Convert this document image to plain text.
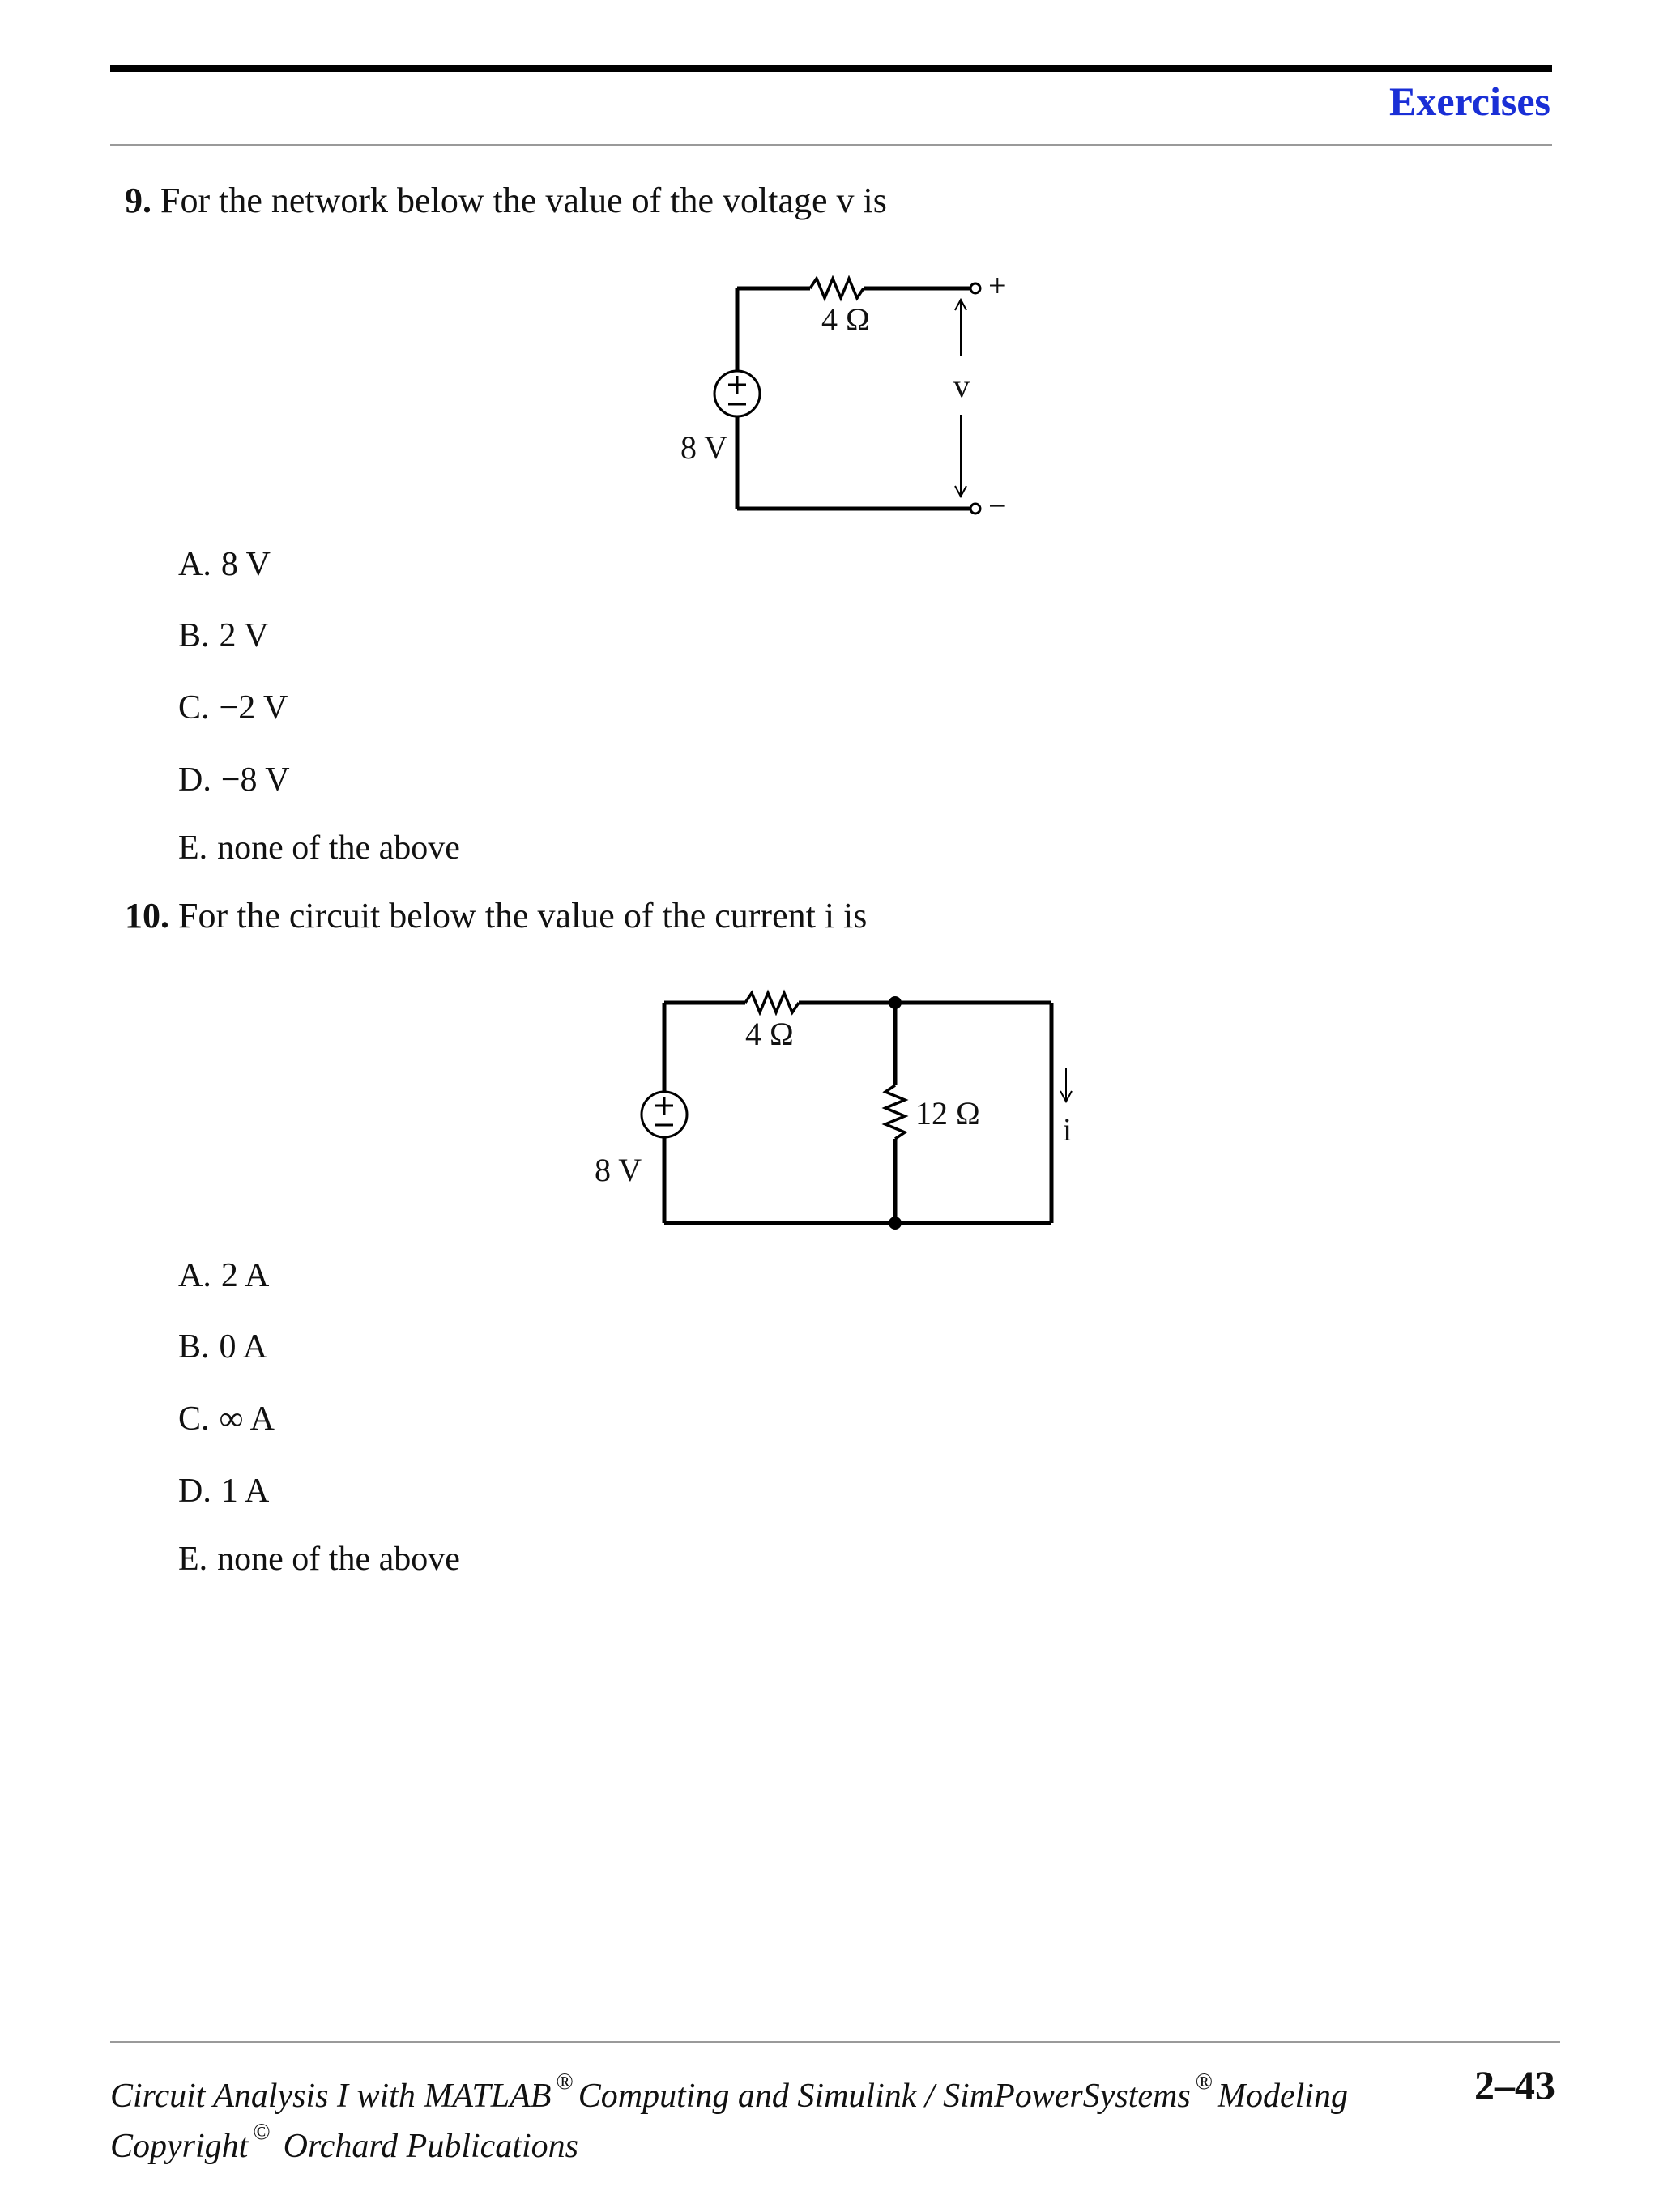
Exercises
9. For the network below the value of the voltage v is
4 Ω
+
−
v
8 V
A. 8 V
B. 2 V
C. −2 V
D. −8 V
E. none of the above
10. For the circuit below the value of the current i is
4 Ω
12 Ω	i
8 V
A. 2 A
B. 0 A
C. ∞ A
D. 1 A
E. none of the above
Circuit Analysis I with MATLAB ® Computing and Simulink / SimPowerSystems ® Modeling	2–43
Copyright © Orchard Publications
